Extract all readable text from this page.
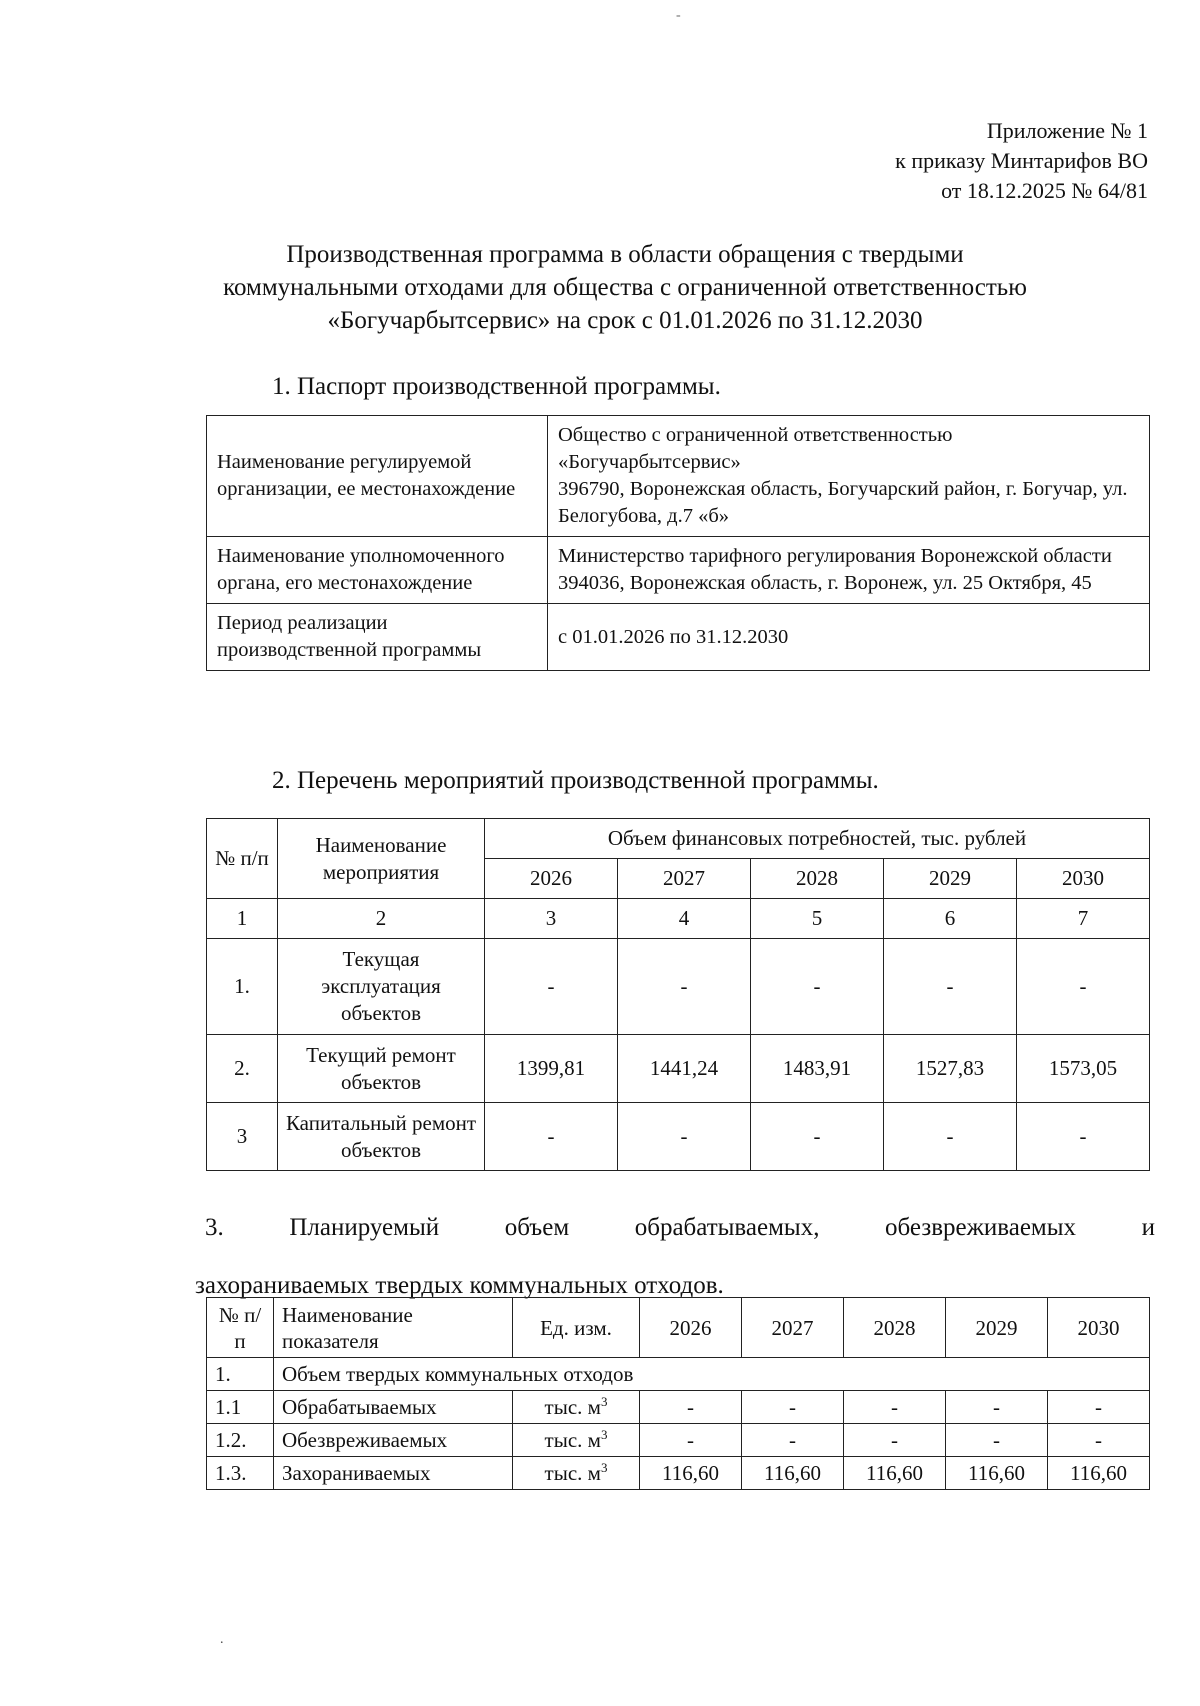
-
Приложение № 1
к приказу Минтарифов ВО
от 18.12.2025 № 64/81
Производственная программа в области обращения с твердыми
коммунальными отходами для общества с ограниченной ответственностью
«Богучарбытсервис» на срок с 01.01.2026 по 31.12.2030
1. Паспорт производственной программы.
Наименование регулируемой организации, ее местонахождение	Общество с ограниченной ответственностью «Богучарбытсервис»
396790, Воронежская область, Богучарский район, г. Богучар, ул. Белогубова, д.7 «б»

Наименование уполномоченного органа, его местонахождение	Министерство тарифного регулирования Воронежской области
394036, Воронежская область, г. Воронеж, ул. 25 Октября, 45

Период реализации производственной программы	с 01.01.2026 по 31.12.2030
2. Перечень мероприятий производственной программы.
№ п/п	Наименование мероприятия	Объем финансовых потребностей, тыс. рублей				
		2026	2027	2028	2029	2030
1	2	3	4	5	6	7
1.	Текущая эксплуатация объектов	-	-	-	-	-
2.	Текущий ремонт объектов	1399,81	1441,24	1483,91	1527,83	1573,05
3	Капитальный ремонт объектов	-	-	-	-	-
3.	Планируемый	объем	обрабатываемых,	обезвреживаемых	и
захораниваемых твердых коммунальных отходов.
№ п/п	Наименование показателя	Ед. изм.	2026	2027	2028	2029	2030
1.	Объем твердых коммунальных отходов						
1.1	Обрабатываемых	тыс. $м^3$	-	-	-	-	-
1.2.	Обезвреживаемых	тыс. $м^3$	-	-	-	-	-
1.3.	Захораниваемых	тыс. $м^3$	116,60	116,60	116,60	116,60	116,60
.
